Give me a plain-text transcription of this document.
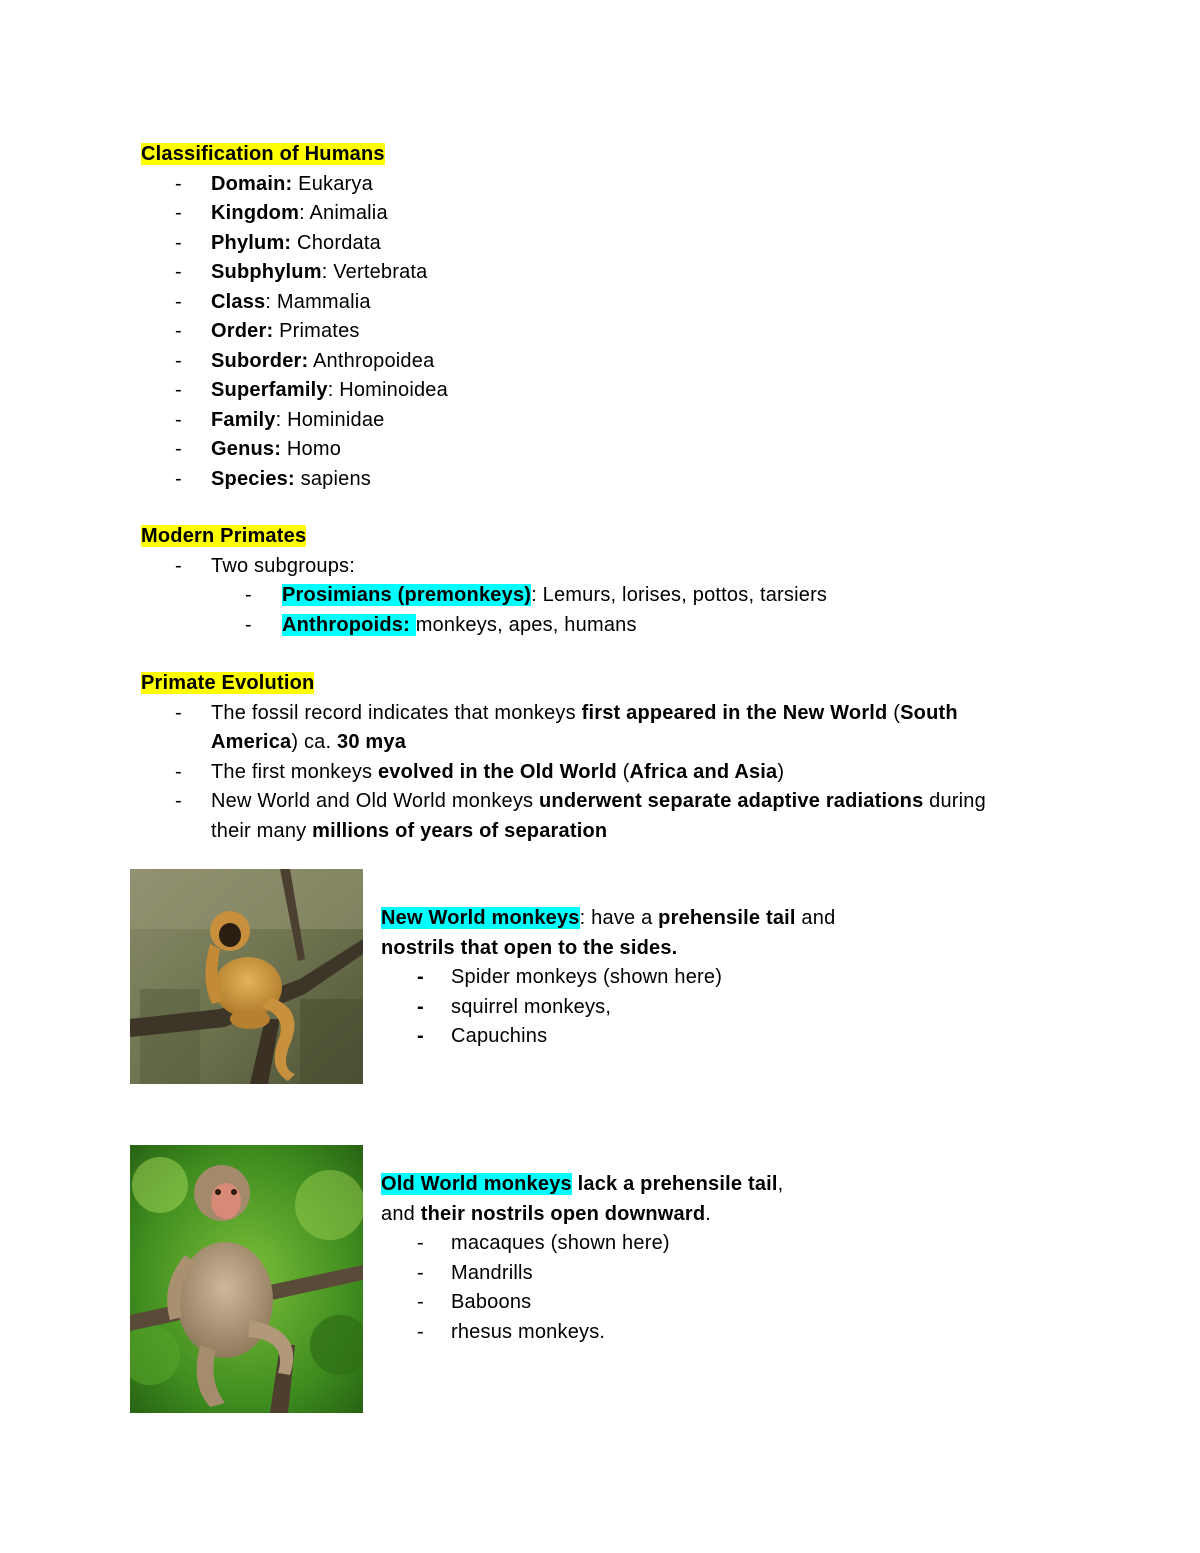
Classification of Humans
- Domain: Eukarya
- Kingdom: Animalia
- Phylum: Chordata
- Subphylum: Vertebrata
- Class: Mammalia
- Order: Primates
- Suborder: Anthropoidea
- Superfamily: Hominoidea
- Family: Hominidae
- Genus: Homo
- Species: sapiens
Modern Primates
- Two subgroups:
- Prosimians (premonkeys): Lemurs, lorises, pottos, tarsiers
- Anthropoids: monkeys, apes, humans
Primate Evolution
- The fossil record indicates that monkeys first appeared in the New World (South
America) ca. 30 mya
- The first monkeys evolved in the Old World (Africa and Asia)
- New World and Old World monkeys underwent separate adaptive radiations during
their many millions of years of separation
New World monkeys: have a prehensile tail and
nostrils that open to the sides.
- Spider monkeys (shown here)
- squirrel monkeys,
- Capuchins
Old World monkeys lack a prehensile tail,
and their nostrils open downward.
- macaques (shown here)
- Mandrills
- Baboons
- rhesus monkeys.
